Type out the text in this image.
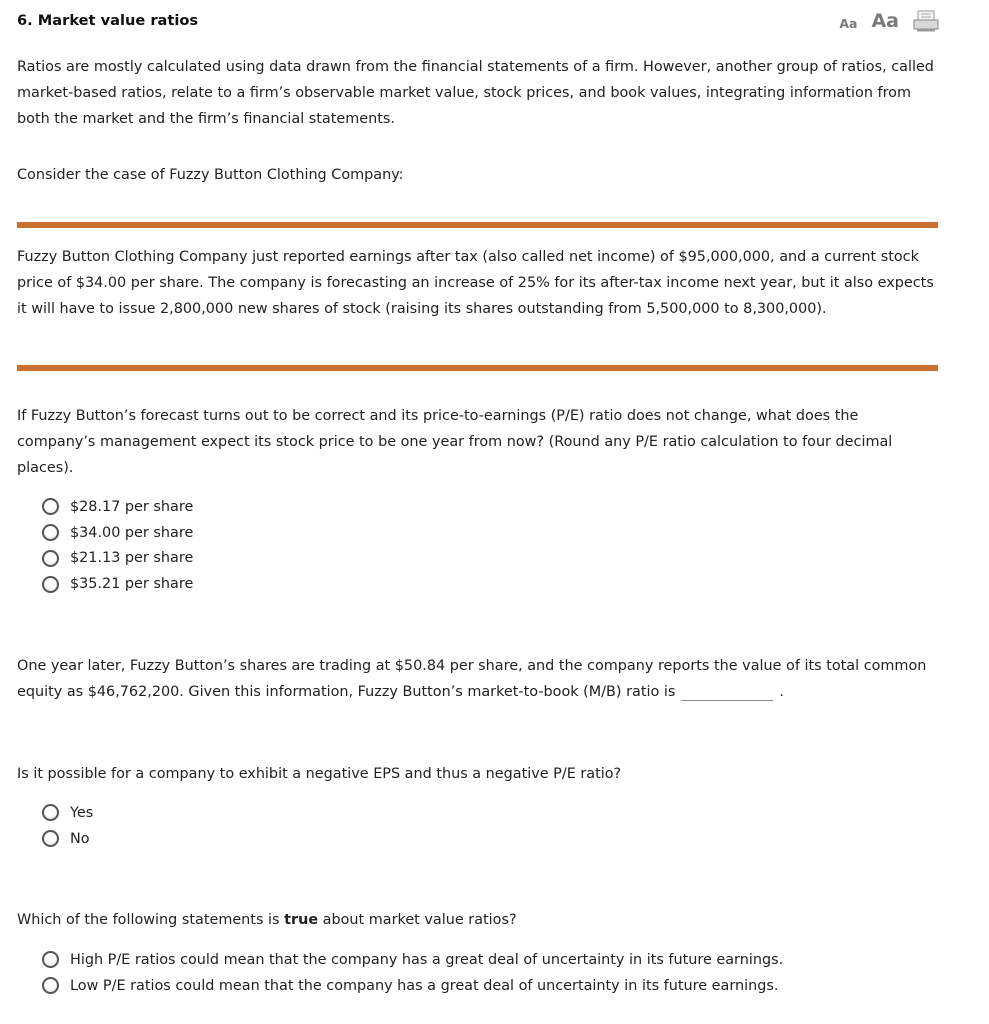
6. Market value ratios	Aa Aa

Ratios are mostly calculated using data drawn from the financial statements of a firm. However, another group of ratios, called market-based ratios, relate to a firm’s observable market value, stock prices, and book values, integrating information from both the market and the firm’s financial statements.

Consider the case of Fuzzy Button Clothing Company:

Fuzzy Button Clothing Company just reported earnings after tax (also called net income) of $95,000,000, and a current stock price of $34.00 per share. The company is forecasting an increase of 25% for its after-tax income next year, but it also expects it will have to issue 2,800,000 new shares of stock (raising its shares outstanding from 5,500,000 to 8,300,000).

If Fuzzy Button’s forecast turns out to be correct and its price-to-earnings (P/E) ratio does not change, what does the company’s management expect its stock price to be one year from now? (Round any P/E ratio calculation to four decimal places).

$28.17 per share
$34.00 per share
$21.13 per share
$35.21 per share

One year later, Fuzzy Button’s shares are trading at $50.84 per share, and the company reports the value of its total common equity as $46,762,200. Given this information, Fuzzy Button’s market-to-book (M/B) ratio is	.

Is it possible for a company to exhibit a negative EPS and thus a negative P/E ratio?

Yes
No

Which of the following statements is true about market value ratios?

High P/E ratios could mean that the company has a great deal of uncertainty in its future earnings.
Low P/E ratios could mean that the company has a great deal of uncertainty in its future earnings.
